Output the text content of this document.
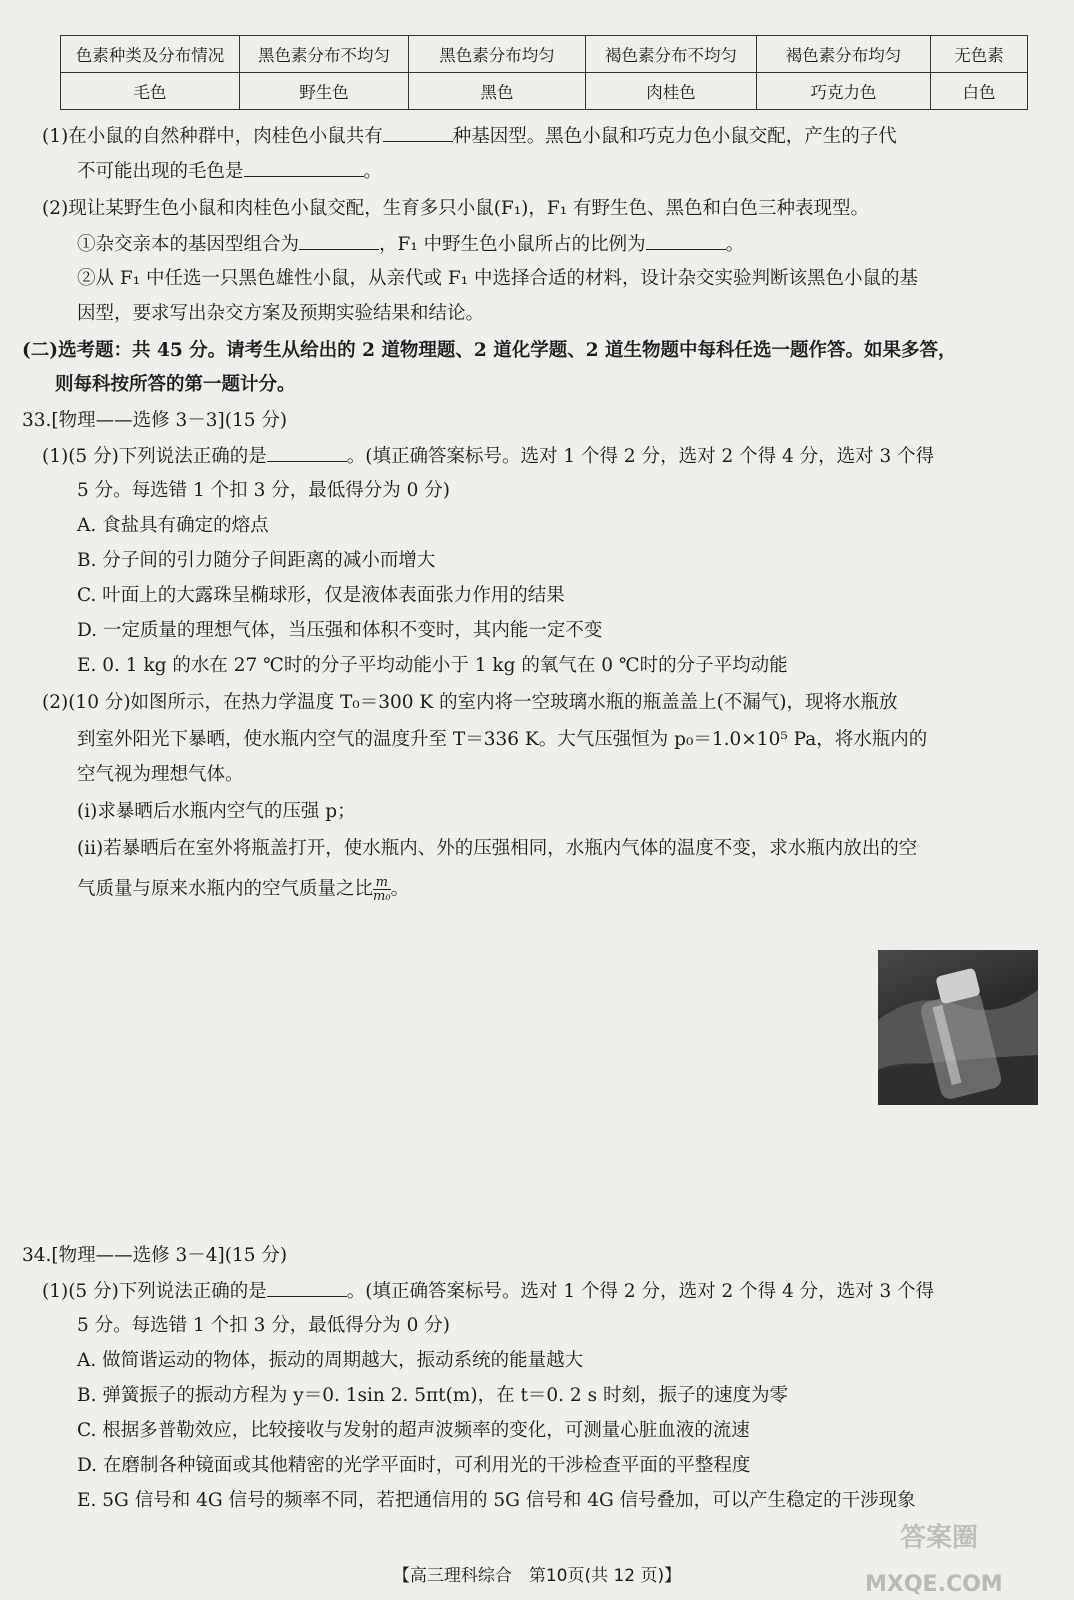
色素种类及分布情况	黑色素分布不均匀	黑色素分布均匀	褐色素分布不均匀	褐色素分布均匀	无色素
毛色	野生色	黑色	肉桂色	巧克力色	白色
(1)在小鼠的自然种群中，肉桂色小鼠共有	种基因型。黑色小鼠和巧克力色小鼠交配，产生的子代
不可能出现的毛色是	。
(2)现让某野生色小鼠和肉桂色小鼠交配，生育多只小鼠(F₁)，F₁ 有野生色、黑色和白色三种表现型。
①杂交亲本的基因型组合为	，F₁ 中野生色小鼠所占的比例为	。
②从 F₁ 中任选一只黑色雄性小鼠，从亲代或 F₁ 中选择合适的材料，设计杂交实验判断该黑色小鼠的基
因型，要求写出杂交方案及预期实验结果和结论。
(二)选考题：共 45 分。请考生从给出的 2 道物理题、2 道化学题、2 道生物题中每科任选一题作答。如果多答，
则每科按所答的第一题计分。
33.[物理——选修 3－3](15 分)
(1)(5 分)下列说法正确的是	。(填正确答案标号。选对 1 个得 2 分，选对 2 个得 4 分，选对 3 个得
5 分。每选错 1 个扣 3 分，最低得分为 0 分)
A. 食盐具有确定的熔点
B. 分子间的引力随分子间距离的减小而增大
C. 叶面上的大露珠呈椭球形，仅是液体表面张力作用的结果
D. 一定质量的理想气体，当压强和体积不变时，其内能一定不变
E. 0. 1 kg 的水在 27 ℃时的分子平均动能小于 1 kg 的氧气在 0 ℃时的分子平均动能
(2)(10 分)如图所示，在热力学温度 T₀＝300 K 的室内将一空玻璃水瓶的瓶盖盖上(不漏气)，现将水瓶放
到室外阳光下暴晒，使水瓶内空气的温度升至 T＝336 K。大气压强恒为 p₀＝1.0×10⁵ Pa，将水瓶内的
空气视为理想气体。
(ⅰ)求暴晒后水瓶内空气的压强 p；
(ⅱ)若暴晒后在室外将瓶盖打开，使水瓶内、外的压强相同，水瓶内气体的温度不变，求水瓶内放出的空
气质量与原来水瓶内的空气质量之比 $\frac{m}{\text{m₀}}$ 。
34.[物理——选修 3－4](15 分)
(1)(5 分)下列说法正确的是	。(填正确答案标号。选对 1 个得 2 分，选对 2 个得 4 分，选对 3 个得
5 分。每选错 1 个扣 3 分，最低得分为 0 分)
A. 做简谐运动的物体，振动的周期越大，振动系统的能量越大
B. 弹簧振子的振动方程为 y＝0. 1sin 2. 5πt(m)，在 t＝0. 2 s 时刻，振子的速度为零
C. 根据多普勒效应，比较接收与发射的超声波频率的变化，可测量心脏血液的流速
D. 在磨制各种镜面或其他精密的光学平面时，可利用光的干涉检查平面的平整程度
E. 5G 信号和 4G 信号的频率不同，若把通信用的 5G 信号和 4G 信号叠加，可以产生稳定的干涉现象
答案圈
MXQE.COM
【高三理科综合　第10页(共 12 页)】
